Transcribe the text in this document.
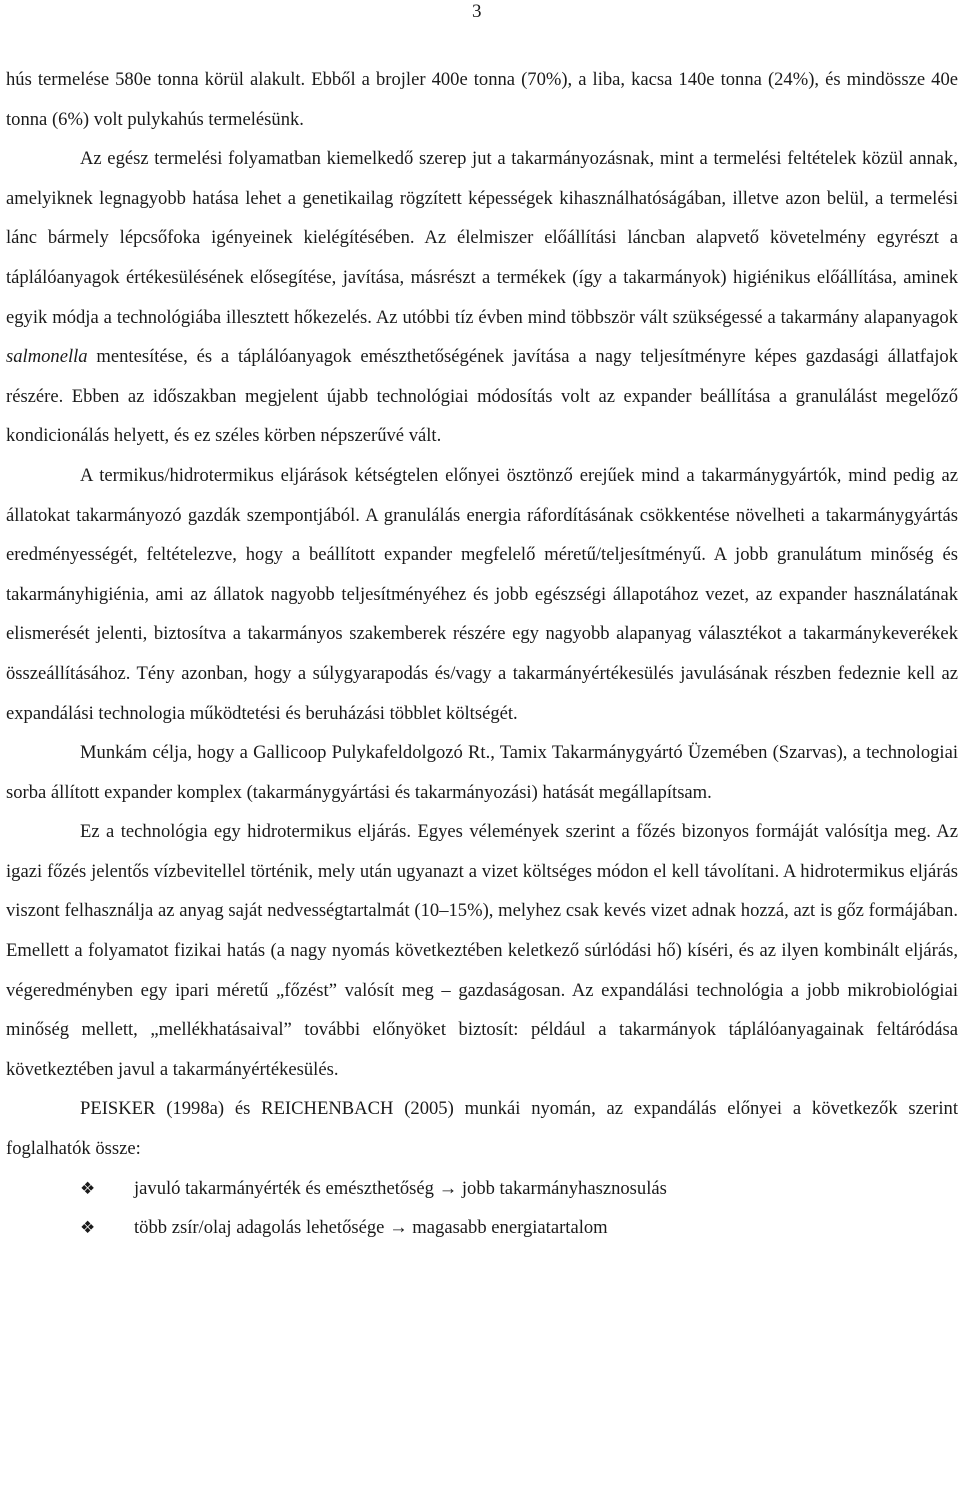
3

hús termelése 580e tonna körül alakult. Ebből a brojler 400e tonna (70%), a liba, kacsa 140e tonna (24%), és mindössze 40e tonna (6%) volt pulykahús termelésünk.

Az egész termelési folyamatban kiemelkedő szerep jut a takarmányozásnak, mint a termelési feltételek közül annak, amelyiknek legnagyobb hatása lehet a genetikailag rögzített képességek kihasználhatóságában, illetve azon belül, a termelési lánc bármely lépcsőfoka igényeinek kielégítésében. Az élelmiszer előállítási láncban alapvető követelmény egyrészt a táplálóanyagok értékesülésének elősegítése, javítása, másrészt a termékek (így a takarmányok) higiénikus előállítása, aminek egyik módja a technológiába illesztett hőkezelés. Az utóbbi tíz évben mind többször vált szükségessé a takarmány alapanyagok salmonella mentesítése, és a táplálóanyagok emészthetőségének javítása a nagy teljesítményre képes gazdasági állatfajok részére. Ebben az időszakban megjelent újabb technológiai módosítás volt az expander beállítása a granulálást megelőző kondicionálás helyett, és ez széles körben népszerűvé vált.

A termikus/hidrotermikus eljárások kétségtelen előnyei ösztönző erejűek mind a takarmánygyártók, mind pedig az állatokat takarmányozó gazdák szempontjából. A granulálás energia ráfordításának csökkentése növelheti a takarmánygyártás eredményességét, feltételezve, hogy a beállított expander megfelelő méretű/teljesítményű. A jobb granulátum minőség és takarmányhigiénia, ami az állatok nagyobb teljesítményéhez és jobb egészségi állapotához vezet, az expander használatának elismerését jelenti, biztosítva a takarmányos szakemberek részére egy nagyobb alapanyag választékot a takarmánykeverékek összeállításához. Tény azonban, hogy a súlygyarapodás és/vagy a takarmányértékesülés javulásának részben fedeznie kell az expandálási technologia működtetési és beruházási többlet költségét.

Munkám célja, hogy a Gallicoop Pulykafeldolgozó Rt., Tamix Takarmánygyártó Üzemében (Szarvas), a technologiai sorba állított expander komplex (takarmánygyártási és takarmányozási) hatását megállapítsam.

Ez a technológia egy hidrotermikus eljárás. Egyes vélemények szerint a főzés bizonyos formáját valósítja meg. Az igazi főzés jelentős vízbevitellel történik, mely után ugyanazt a vizet költséges módon el kell távolítani. A hidrotermikus eljárás viszont felhasználja az anyag saját nedvességtartalmát (10–15%), melyhez csak kevés vizet adnak hozzá, azt is gőz formájában. Emellett a folyamatot fizikai hatás (a nagy nyomás következtében keletkező súrlódási hő) kíséri, és az ilyen kombinált eljárás, végeredményben egy ipari méretű „főzést” valósít meg – gazdaságosan. Az expandálási technológia a jobb mikrobiológiai minőség mellett, „mellékhatásaival” további előnyöket biztosít: például a takarmányok táplálóanyagainak feltáródása következtében javul a takarmányértékesülés.

PEISKER (1998a) és REICHENBACH (2005) munkái nyomán, az expandálás előnyei a következők szerint foglalhatók össze:

❖	javuló takarmányérték és emészthetőség → jobb takarmányhasznosulás
❖	több zsír/olaj adagolás lehetősége → magasabb energiatartalom
